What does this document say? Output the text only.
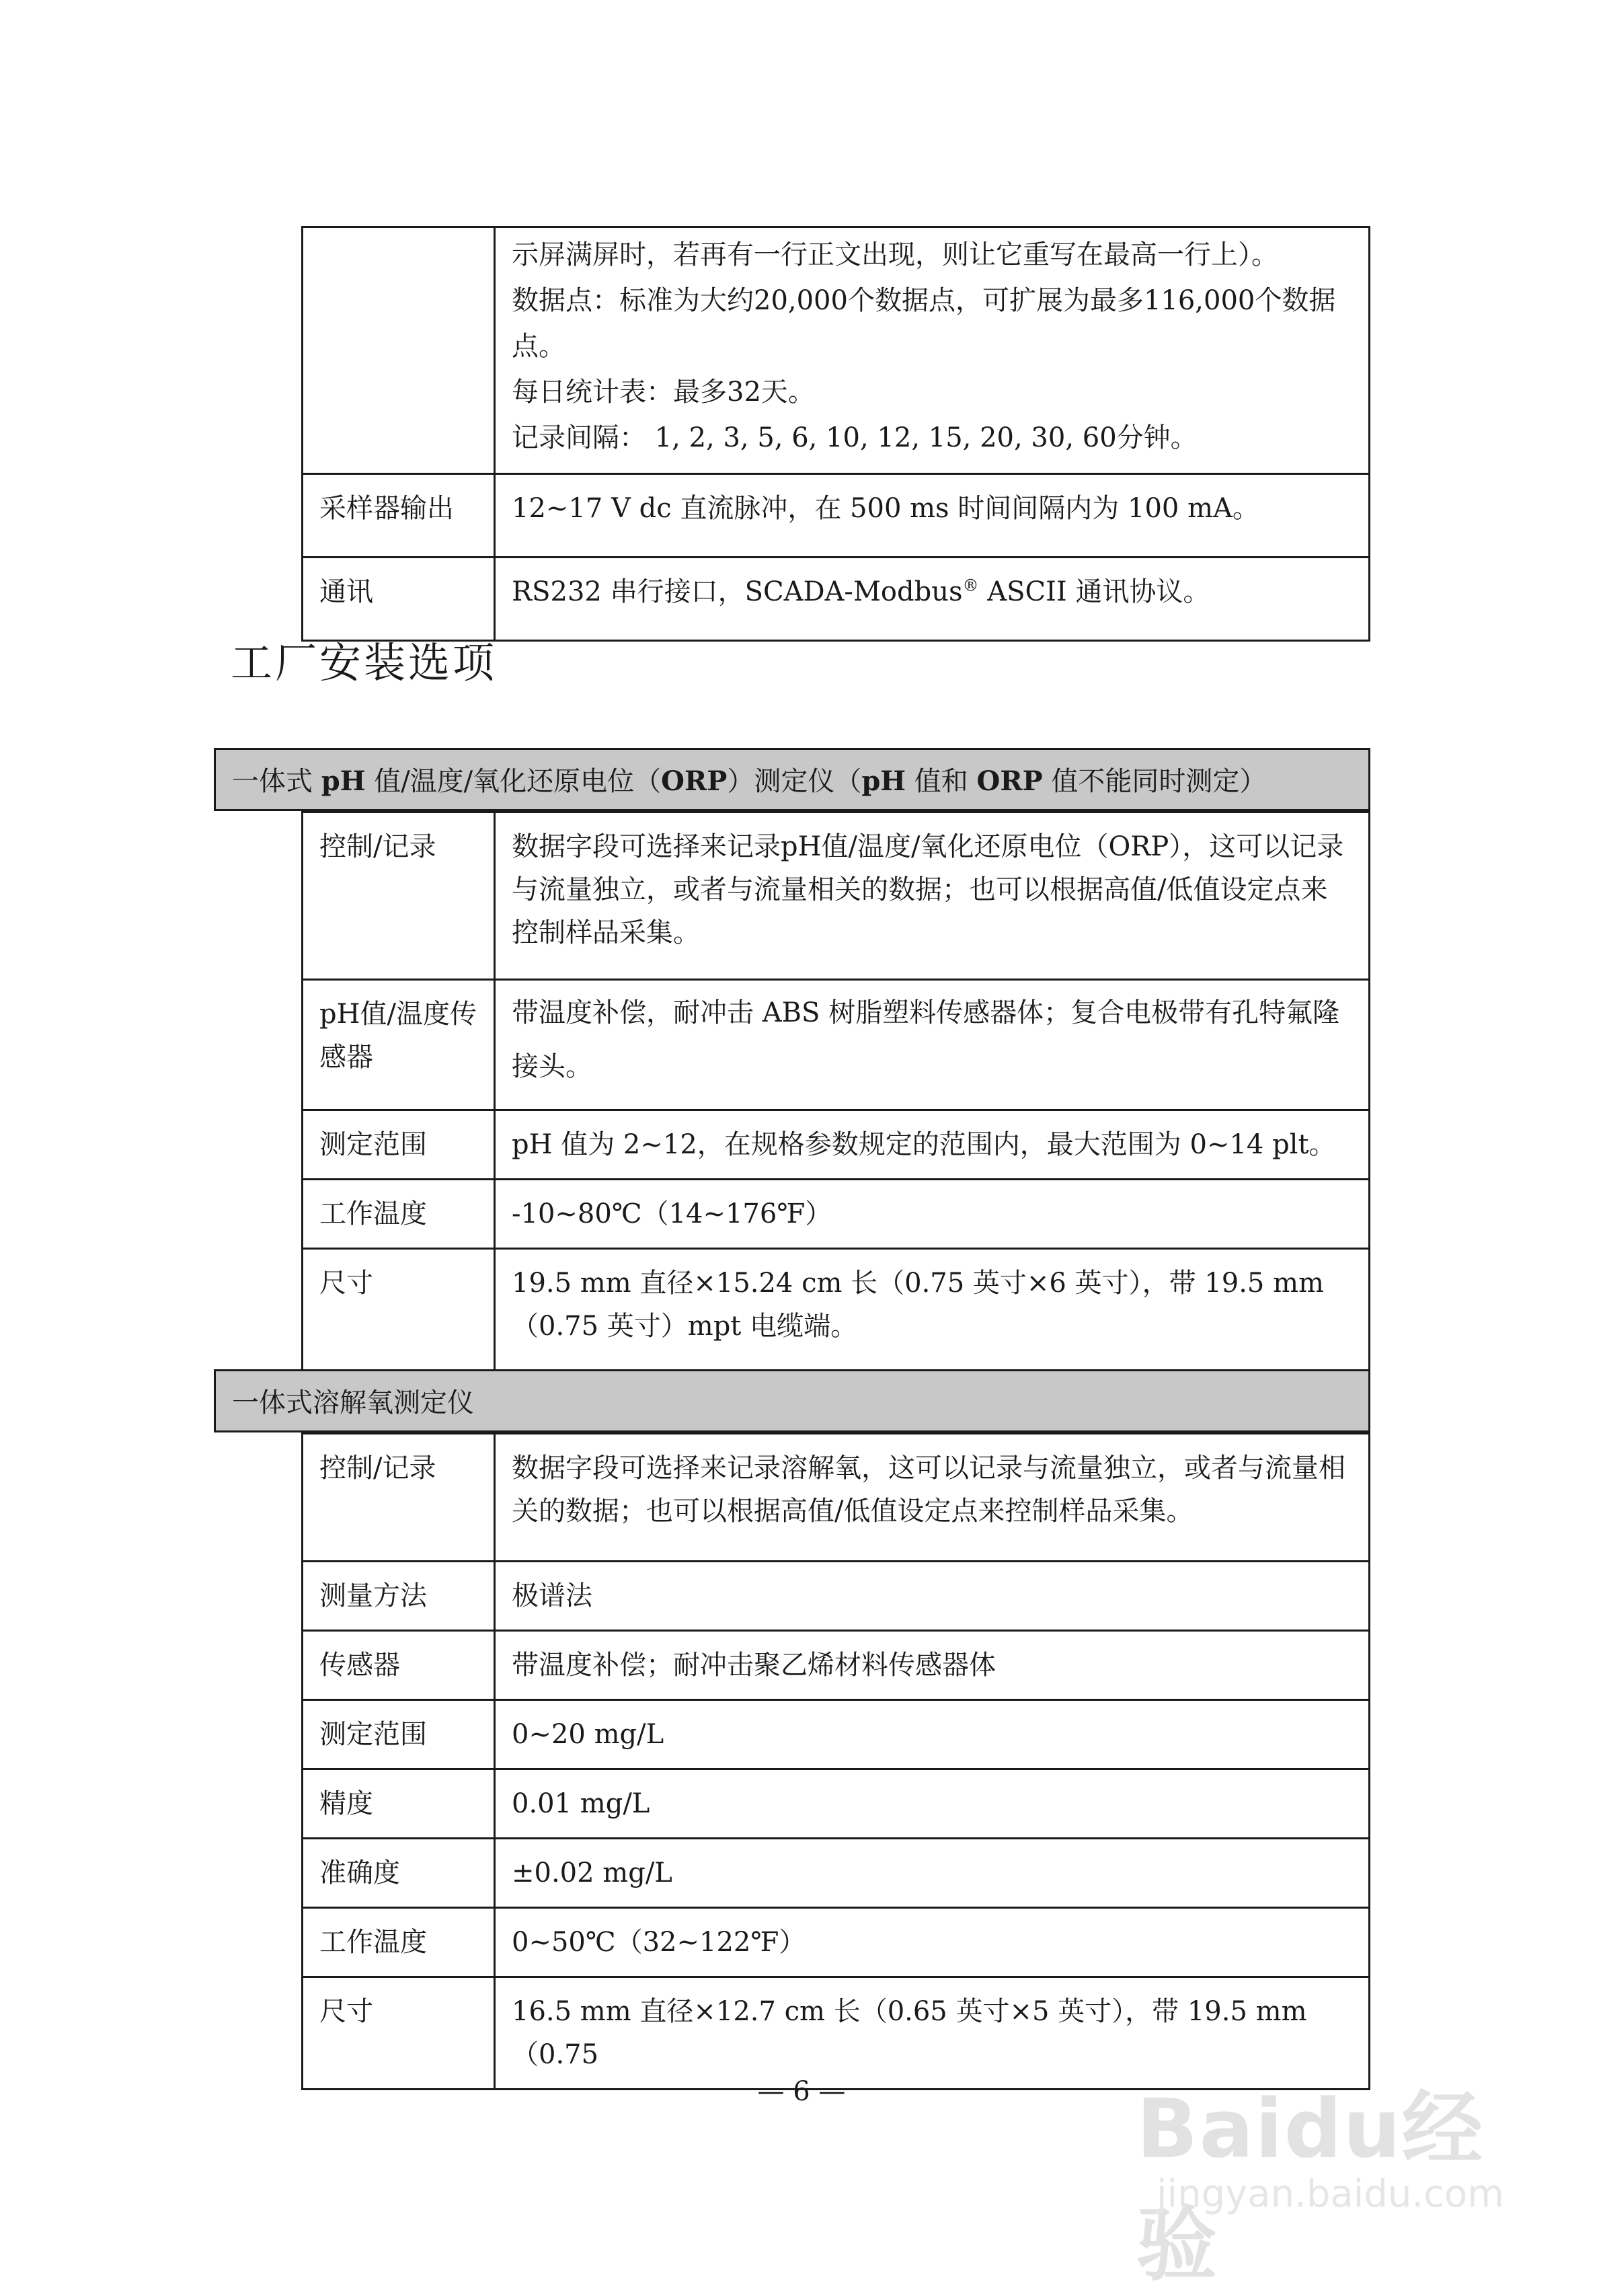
	示屏满屏时，若再有一行正文出现，则让它重写在最高一行上）。
数据点：标准为大约20,000个数据点，可扩展为最多116,000个数据点。
每日统计表：最多32天。
记录间隔： 1, 2, 3, 5, 6, 10, 12, 15, 20, 30, 60分钟。

采样器输出	12~17 V dc 直流脉冲，在 500 ms 时间间隔内为 100 mA。
通讯	RS232 串行接口，SCADA-Modbus® ASCII 通讯协议。
工厂安装选项
一体式 pH 值/温度/氧化还原电位（ORP）测定仪（pH 值和 ORP 值不能同时测定）
控制/记录	数据字段可选择来记录pH值/温度/氧化还原电位（ORP），这可以记录与流量独立，或者与流量相关的数据；也可以根据高值/低值设定点来控制样品采集。
pH值/温度传感器	带温度补偿，耐冲击 ABS 树脂塑料传感器体；复合电极带有孔特氟隆接头。
测定范围	pH 值为 2~12，在规格参数规定的范围内，最大范围为 0~14 plt。
工作温度	-10~80℃（14~176℉）
尺寸	19.5 mm 直径×15.24 cm 长（0.75 英寸×6 英寸），带 19.5 mm（0.75 英寸）mpt 电缆端。
一体式溶解氧测定仪
控制/记录	数据字段可选择来记录溶解氧，这可以记录与流量独立，或者与流量相关的数据；也可以根据高值/低值设定点来控制样品采集。
测量方法	极谱法
传感器	带温度补偿；耐冲击聚乙烯材料传感器体
测定范围	0~20 mg/L
精度	0.01 mg/L
准确度	±0.02 mg/L
工作温度	0~50℃（32~122℉）
尺寸	16.5 mm 直径×12.7 cm 长（0.65 英寸×5 英寸），带 19.5 mm（0.75
— 6 —	Baidu经验
jingyan.baidu.com
